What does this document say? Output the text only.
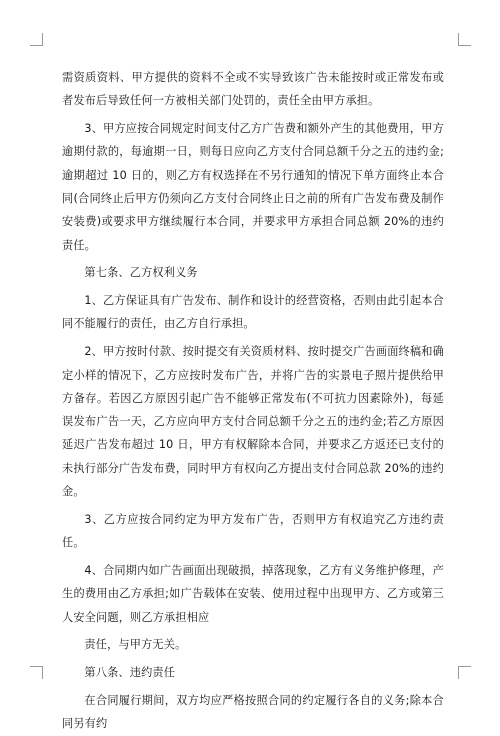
需资质资料、甲方提供的资料不全或不实导致该广告未能按时或正常发布或者发布后导致任何一方被相关部门处罚的，责任全由甲方承担。

3、甲方应按合同规定时间支付乙方广告费和额外产生的其他费用，甲方逾期付款的，每逾期一日，则每日应向乙方支付合同总额千分之五的违约金;逾期超过 10 日的，则乙方有权选择在不另行通知的情况下单方面终止本合同(合同终止后甲方仍须向乙方支付合同终止日之前的所有广告发布费及制作安装费)或要求甲方继续履行本合同，并要求甲方承担合同总额 20%的违约责任。

第七条、乙方权利义务

1、乙方保证具有广告发布、制作和设计的经营资格，否则由此引起本合同不能履行的责任，由乙方自行承担。

2、甲方按时付款、按时提交有关资质材料、按时提交广告画面终稿和确定小样的情况下，乙方应按时发布广告，并将广告的实景电子照片提供给甲方备存。若因乙方原因引起广告不能够正常发布(不可抗力因素除外)，每延误发布广告一天，乙方应向甲方支付合同总额千分之五的违约金;若乙方原因延迟广告发布超过 10 日，甲方有权解除本合同，并要求乙方返还已支付的未执行部分广告发布费，同时甲方有权向乙方提出支付合同总款 20%的违约金。

3、乙方应按合同约定为甲方发布广告，否则甲方有权追究乙方违约责任。

4、合同期内如广告画面出现破损，掉落现象，乙方有义务维护修理，产生的费用由乙方承担;如广告载体在安装、使用过程中出现甲方、乙方或第三人安全问题，则乙方承担相应

责任，与甲方无关。

第八条、违约责任

在合同履行期间，双方均应严格按照合同的约定履行各自的义务;除本合同另有约
